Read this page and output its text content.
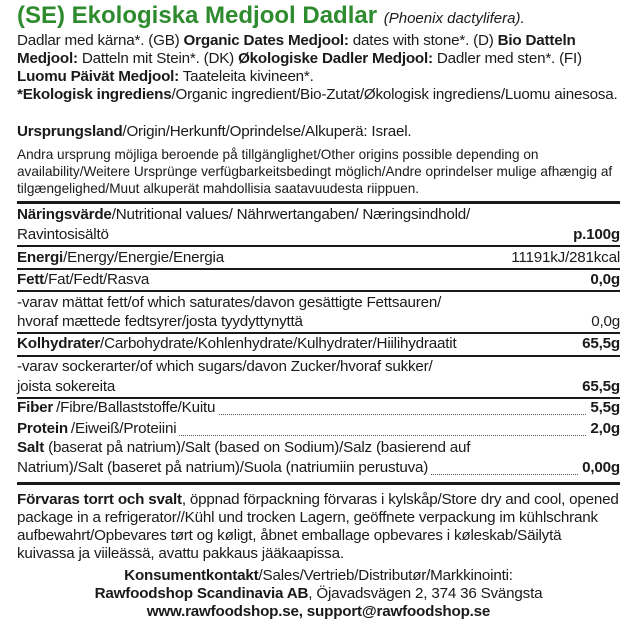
(SE) Ekologiska Medjool Dadlar (Phoenix dactylifera).
Dadlar med kärna*. (GB) Organic Dates Medjool: dates with stone*. (D) Bio Datteln Medjool: Datteln mit Stein*. (DK) Økologiske Dadler Medjool: Dadler med sten*. (FI) Luomu Päivät Medjool: Taateleita kivineen*.
*Ekologisk ingrediens/Organic ingredient/Bio-Zutat/Økologisk ingrediens/Luomu ainesosa.
Ursprungsland/Origin/Herkunft/Oprindelse/Alkuperä: Israel.
Andra ursprung möjliga beroende på tillgänglighet/Other origins possible depending on availability/Weitere Ursprünge verfügbarkeitsbedingt möglich/Andre oprindelser mulige afhængig af tilgængelighed/Muut alkuperät mahdollisia saatavuudesta riippuen.
Näringsvärde/Nutritional values/ Nährwertangaben/ Næringsindhold/
Ravintosisältö	p.100g
Energi/Energy/Energie/Energia	11191kJ/281kcal
Fett/Fat/Fedt/Rasva	0,0g
-varav mättat fett/of which saturates/davon gesättigte Fettsauren/
hvoraf mættede fedtsyrer/josta tyydyttynyttä	0,0g
Kolhydrater/Carbohydrate/Kohlenhydrate/Kulhydrater/Hiilihydraatit	65,5g
-varav sockerarter/of which sugars/davon Zucker/hvoraf sukker/
joista sokereita	65,5g
Fiber /Fibre/Ballaststoffe/Kuitu	5,5g
Protein /Eiweiß/Proteiini	2,0g
Salt (baserat på natrium)/Salt (based on Sodium)/Salz (basierend auf
Natrium)/Salt (baseret på natrium)/Suola (natriumiin perustuva)	0,00g
Förvaras torrt och svalt, öppnad förpackning förvaras i kylskåp/Store dry and cool, opened package in a refrigerator//Kühl und trocken Lagern, geöffnete verpackung im kühlschrank aufbewahrt/Opbevares tørt og køligt, åbnet emballage opbevares i køleskab/Säilytä kuivassa ja viileässä, avattu pakkaus jääkaapissa.
Konsumentkontakt/Sales/Vertrieb/Distributør/Markkinointi:
Rawfoodshop Scandinavia AB, Öjavadsvägen 2, 374 36 Svängsta
www.rawfoodshop.se, support@rawfoodshop.se
